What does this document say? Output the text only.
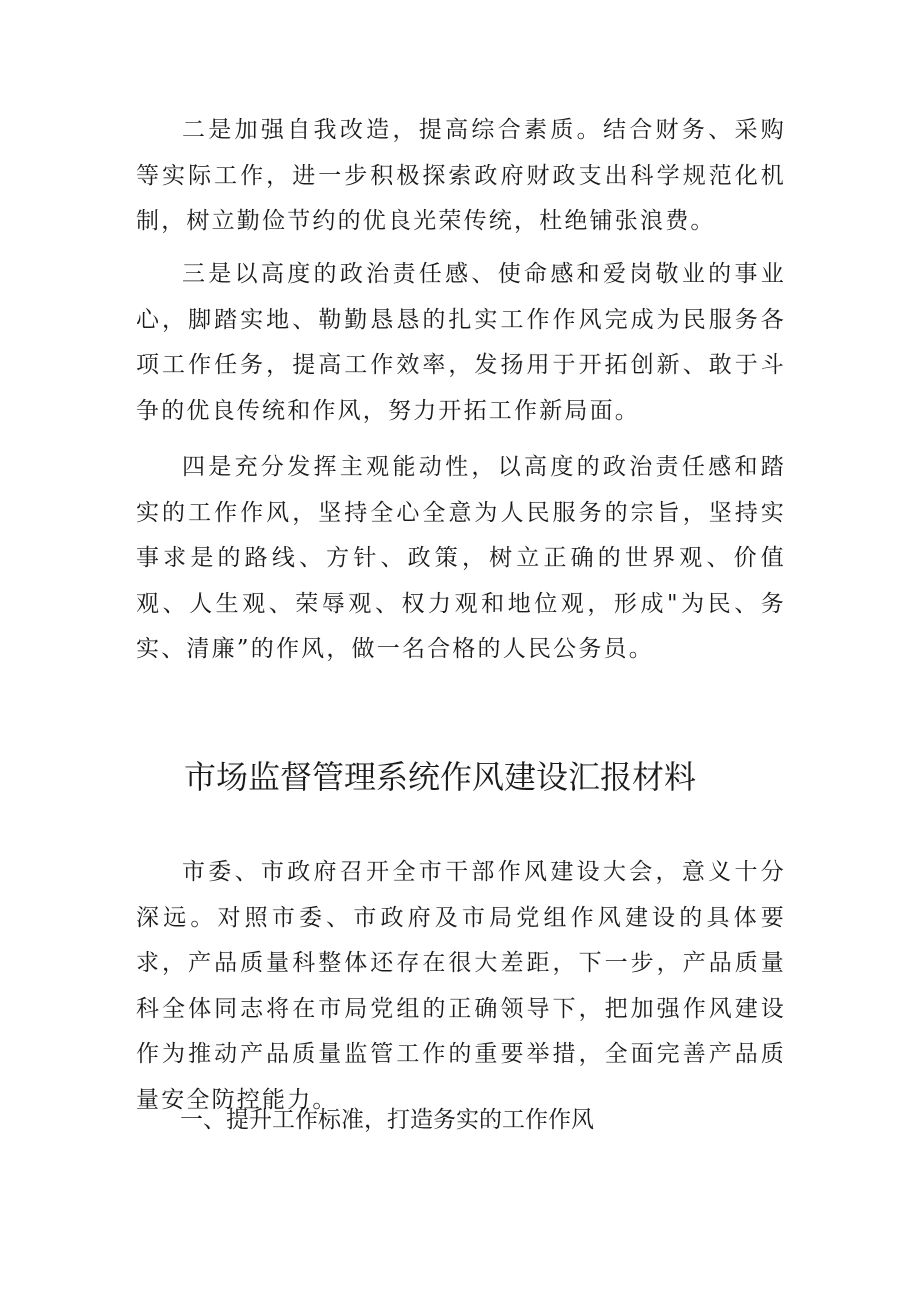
二是加强自我改造，提高综合素质。结合财务、采购等实际工作，进一步积极探索政府财政支出科学规范化机制，树立勤俭节约的优良光荣传统，杜绝铺张浪费。

三是以高度的政治责任感、使命感和爱岗敬业的事业心，脚踏实地、勒勤恳恳的扎实工作作风完成为民服务各项工作任务，提高工作效率，发扬用于开拓创新、敢于斗争的优良传统和作风，努力开拓工作新局面。

四是充分发挥主观能动性，以高度的政治责任感和踏实的工作作风，坚持全心全意为人民服务的宗旨，坚持实事求是的路线、方针、政策，树立正确的世界观、价值观、人生观、荣辱观、权力观和地位观，形成"为民、务实、清廉”的作风，做一名合格的人民公务员。

市场监督管理系统作风建设汇报材料

市委、市政府召开全市干部作风建设大会，意义十分深远。对照市委、市政府及市局党组作风建设的具体要求，产品质量科整体还存在很大差距，下一步，产品质量科全体同志将在市局党组的正确领导下，把加强作风建设作为推动产品质量监管工作的重要举措，全面完善产品质量安全防控能力。

一、提升工作标准，打造务实的工作作风
